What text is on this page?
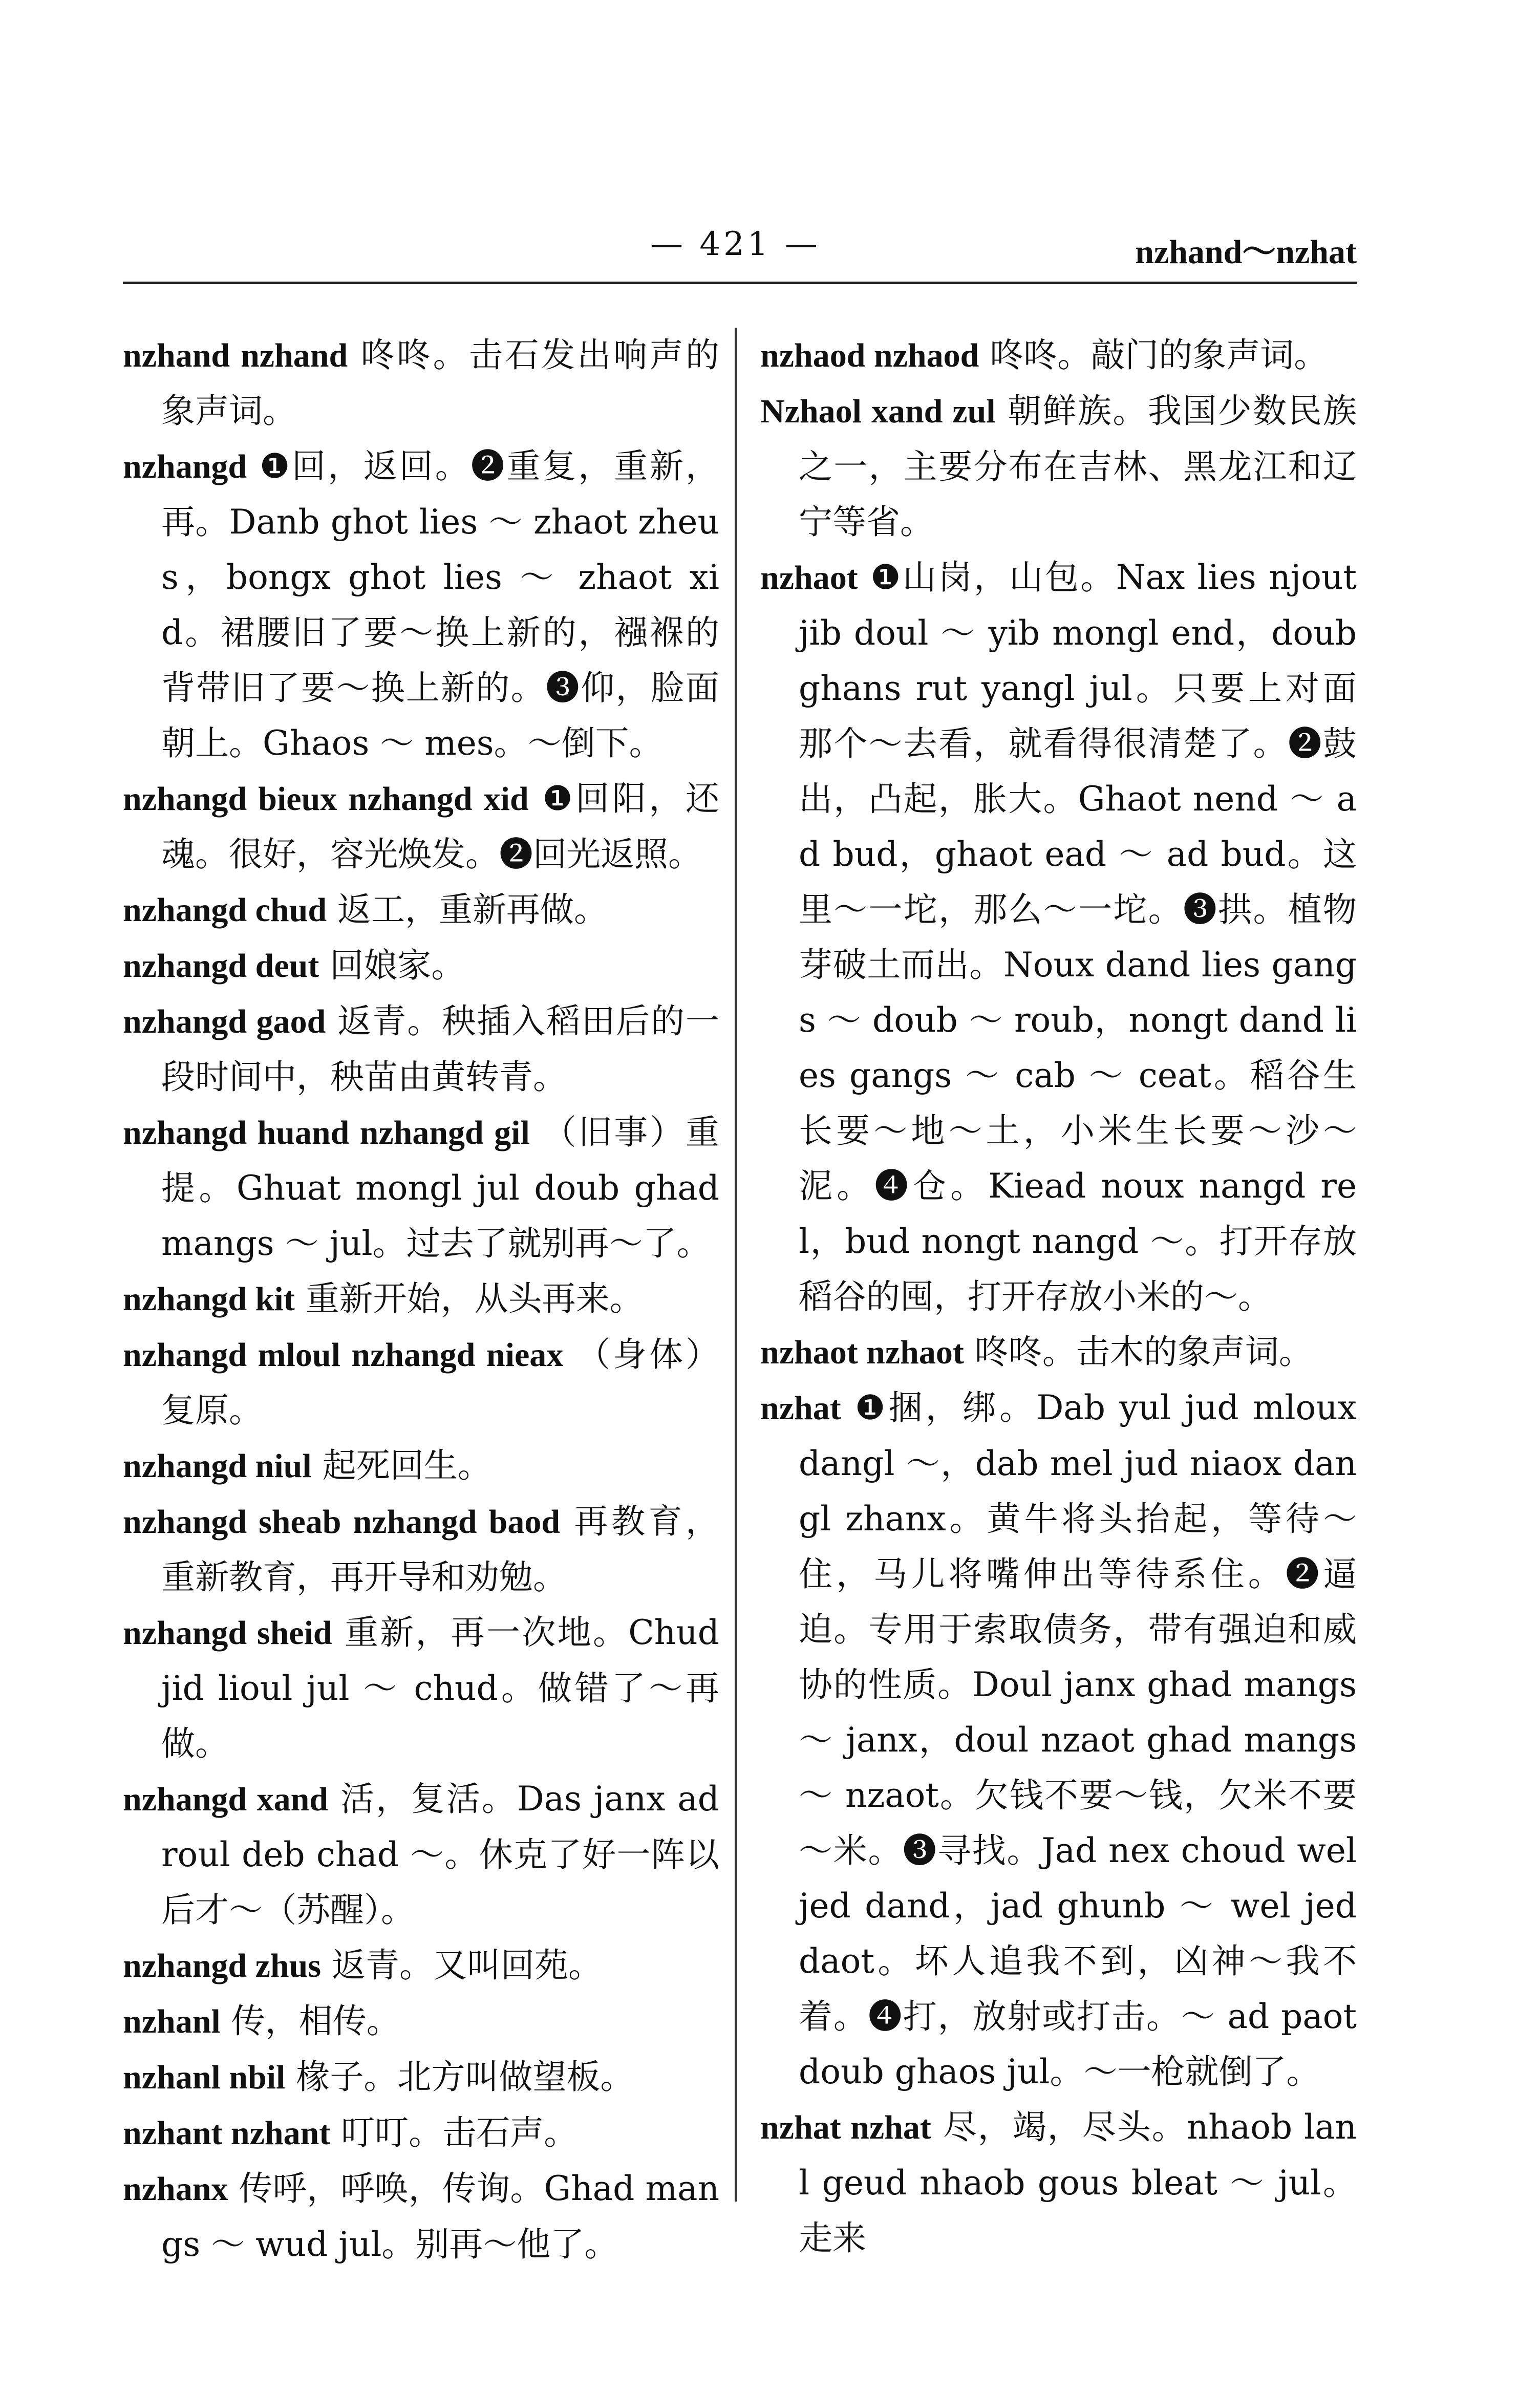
— 421 —	nzhand～nzhat

nzhand nzhand 咚咚。击石发出响声的象声词。

nzhangd ❶回，返回。❷重复，重新，再。Danb ghot lies ～ zhaot zheus，bongx ghot lies ～ zhaot xid。裙腰旧了要～换上新的，襁褓的背带旧了要～换上新的。❸仰，脸面朝上。Ghaos ～ mes。～倒下。

nzhangd bieux nzhangd xid ❶回阳，还魂。很好，容光焕发。❷回光返照。

nzhangd chud 返工，重新再做。

nzhangd deut 回娘家。

nzhangd gaod 返青。秧插入稻田后的一段时间中，秧苗由黄转青。

nzhangd huand nzhangd gil （旧事）重提。Ghuat mongl jul doub ghad mangs ～ jul。过去了就别再～了。

nzhangd kit 重新开始，从头再来。

nzhangd mloul nzhangd nieax （身体）复原。

nzhangd niul 起死回生。

nzhangd sheab nzhangd baod 再教育，重新教育，再开导和劝勉。

nzhangd sheid 重新，再一次地。Chud jid lioul jul ～ chud。做错了～再做。

nzhangd xand 活，复活。Das janx ad roul deb chad ～。休克了好一阵以后才～（苏醒）。

nzhangd zhus 返青。又叫回苑。

nzhanl 传，相传。

nzhanl nbil 椽子。北方叫做望板。

nzhant nzhant 叮叮。击石声。

nzhanx 传呼，呼唤，传询。Ghad mangs ～ wud jul。别再～他了。

nzhaod nzhaod 咚咚。敲门的象声词。

Nzhaol xand zul 朝鲜族。我国少数民族之一，主要分布在吉林、黑龙江和辽宁等省。

nzhaot ❶山岗，山包。Nax lies njout jib doul ～ yib mongl end，doub ghans rut yangl jul。只要上对面那个～去看，就看得很清楚了。❷鼓出，凸起，胀大。Ghaot nend ～ ad bud，ghaot ead ～ ad bud。这里～一坨，那么～一坨。❸拱。植物芽破土而出。Noux dand lies gangs ～ doub ～ roub，nongt dand lies gangs ～ cab ～ ceat。稻谷生长要～地～土，小米生长要～沙～泥。❹仓。Kiead noux nangd rel，bud nongt nangd ～。打开存放稻谷的囤，打开存放小米的～。

nzhaot nzhaot 咚咚。击木的象声词。

nzhat ❶捆，绑。Dab yul jud mloux dangl ～，dab mel jud niaox dangl zhanx。黄牛将头抬起，等待～住，马儿将嘴伸出等待系住。❷逼迫。专用于索取债务，带有强迫和威协的性质。Doul janx ghad mangs ～ janx，doul nzaot ghad mangs ～ nzaot。欠钱不要～钱，欠米不要～米。❸寻找。Jad nex choud wel jed dand，jad ghunb ～ wel jed daot。坏人追我不到，凶神～我不着。❹打，放射或打击。～ ad paot doub ghaos jul。～一枪就倒了。

nzhat nzhat 尽，竭，尽头。nhaob lanl geud nhaob gous bleat ～ jul。走来
